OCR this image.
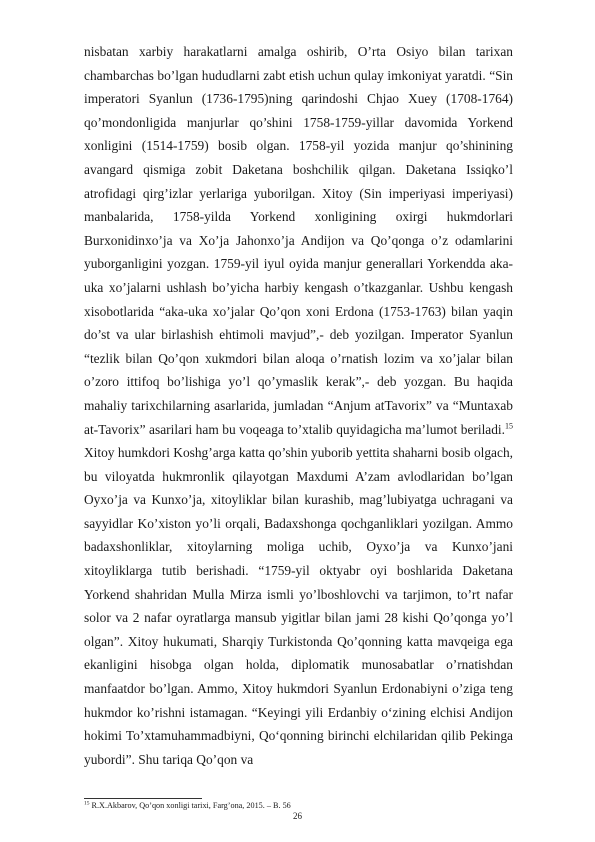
nisbatan xarbiy harakatlarni amalga oshirib, O’rta Osiyo bilan tarixan chambarchas bo’lgan hududlarni zabt etish uchun qulay imkoniyat yaratdi. “Sin imperatori Syanlun (1736-1795)ning qarindoshi Chjao Xuey (1708-1764) qo’mondonligida manjurlar qo’shini 1758-1759-yillar davomida Yorkend xonligini (1514-1759) bosib olgan. 1758-yil yozida manjur qo’shinining avangard qismiga zobit Daketana boshchilik qilgan. Daketana Issiqko’l atrofidagi qirg’izlar yerlariga yuborilgan. Xitoy (Sin imperiyasi imperiyasi) manbalarida, 1758-yilda Yorkend xonligining oxirgi hukmdorlari Burxonidinxo’ja va Xo’ja Jahonxo’ja Andijon va Qo’qonga o’z odamlarini yuborganligini yozgan. 1759-yil iyul oyida manjur generallari Yorkendda aka-uka xo’jalarni ushlash bo’yicha harbiy kengash o’tkazganlar. Ushbu kengash xisobotlarida “aka-uka xo’jalar Qo’qon xoni Erdona (1753-1763) bilan yaqin do’st va ular birlashish ehtimoli mavjud”,- deb yozilgan. Imperator Syanlun “tezlik bilan Qo’qon xukmdori bilan aloqa o’rnatish lozim va xo’jalar bilan o’zoro ittifoq bo’lishiga yo’l qo’ymaslik kerak”,- deb yozgan. Bu haqida mahaliy tarixchilarning asarlarida, jumladan “Anjum atTavorix” va “Muntaxab at-Tavorix” asarilari ham bu voqeaga to’xtalib quyidagicha ma’lumot beriladi.$^{15}$ Xitoy humkdori Koshg’arga katta qo’shin yuborib yettita shaharni bosib olgach, bu viloyatda hukmronlik qilayotgan Maxdumi A’zam avlodlaridan bo’lgan Oyxo’ja va Kunxo’ja, xitoyliklar bilan kurashib, mag’lubiyatga uchragani va sayyidlar Ko’xiston yo’li orqali, Badaxshonga qochganliklari yozilgan. Ammo badaxshonliklar, xitoylarning moliga uchib, Oyxo’ja va Kunxo’jani xitoyliklarga tutib berishadi. “1759-yil oktyabr oyi boshlarida Daketana Yorkend shahridan Mulla Mirza ismli yo’lboshlovchi va tarjimon, to’rt nafar solor va 2 nafar oyratlarga mansub yigitlar bilan jami 28 kishi Qo’qonga yo’l olgan”. Xitoy hukumati, Sharqiy Turkistonda Qo’qonning katta mavqeiga ega ekanligini hisobga olgan holda, diplomatik munosabatlar o’rnatishdan manfaatdor bo’lgan. Ammo, Xitoy hukmdori Syanlun Erdonabiyni o’ziga teng hukmdor ko’rishni istamagan. “Keyingi yili Erdanbiy o‘zining elchisi Andijon hokimi To’xtamuhammadbiyni, Qo‘qonning birinchi elchilaridan qilib Pekinga yubordi”. Shu tariqa Qo’qon va

$^{15}$ R.X.Akbarov, Qo’qon xonligi tarixi, Farg’ona, 2015. – B. 56
26
